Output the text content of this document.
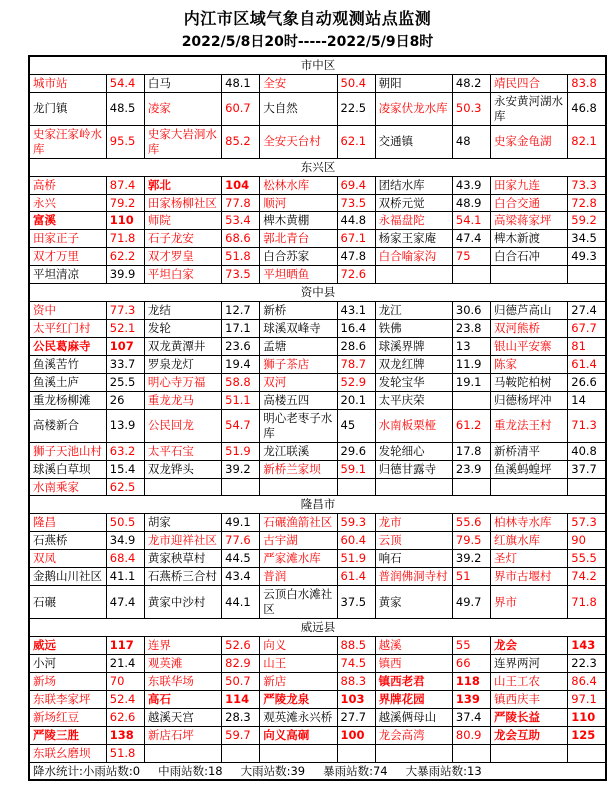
内江市区域气象自动观测站点监测
2022/5/8日20时-----2022/5/9日8时
市中区									
城市站	54.4	白马	48.1	全安	50.4	朝阳	48.2	靖民四合	83.8
龙门镇	48.5	凌家	60.7	大自然	22.5	凌家伏龙水库	50.3	永安黄河湖水库	46.8
史家汪家岭水库	95.5	史家大岩洞水库	85.2	全安天台村	62.1	交通镇	48	史家金龟湖	82.1
东兴区									
高桥	87.4	郭北	104	松林水库	69.4	团结水库	43.9	田家九连	73.3
永兴	79.2	田家杨柳社区	77.8	顺河	73.5	双桥元觉	48.9	白合交通	72.8
富溪	110	师院	53.4	椑木黄棚	44.8	永福盘陀	54.1	高梁蒋家坪	59.2
田家正子	71.8	石子龙安	68.6	郭北青台	67.1	杨家王家庵	47.4	椑木新渡	34.5
双才万里	62.2	双才罗皇	51.8	白合苏家	47.8	白合喻家沟	75	白合石冲	49.3
平坦清凉	39.9	平坦白家	73.5	平坦晒鱼	72.6				
资中县									
资中	77.3	龙结	12.7	新桥	43.1	龙江	30.6	归德芦高山	27.4
太平红门村	52.1	发轮	17.1	球溪双峰寺	16.4	铁佛	23.8	双河熊桥	67.7
公民葛麻寺	107	双龙黄潭井	23.6	孟塘	28.6	球溪界牌	13	银山平安寨	81
鱼溪苦竹	33.7	罗泉龙灯	19.4	狮子茶店	78.7	双龙红牌	11.9	陈家	61.4
鱼溪土庐	25.5	明心寺万福	58.8	双河	52.9	发轮宝华	19.1	马鞍陀柏树	26.6
重龙杨柳滩	26	重龙龙马	51.1	高楼五四	20.1	太平庆荣		归德杨坪冲	14
高楼新合	13.9	公民回龙	54.7	明心老枣子水库	45	水南板栗桠	61.2	重龙法王村	71.3
狮子天池山村	63.2	太平石宝	51.9	龙江联溪	29.6	发轮细心	17.8	新桥清平	40.8
球溪白草坝	15.4	双龙铧头	39.2	新桥兰家坝	59.1	归德甘露寺	23.9	鱼溪蚂蝗坪	37.7
水南乘家	62.5								
隆昌市									
隆昌	50.5	胡家	49.1	石碾渔箭社区	59.3	龙市	55.6	柏林寺水库	57.3
石燕桥	34.9	龙市迎祥社区	77.6	古宇湖	60.4	云顶	79.5	红旗水库	90
双凤	68.4	黄家秧草村	44.5	严家滩水库	51.9	响石	39.2	圣灯	55.5
金鹅山川社区	41.1	石燕桥三合村	43.4	普润	61.4	普润佛洞寺村	51	界市古堰村	74.2
石碾	47.4	黄家中沙村	44.1	云顶白水滩社区	37.5	黄家	49.7	界市	71.8
威远县									
威远	117	连界	52.6	向义	88.5	越溪	55	龙会	143
小河	21.4	观英滩	82.9	山王	74.5	镇西	66	连界两河	22.3
新场	70	东联华场	50.7	新店	88.3	镇西老君	118	山王工农	86.4
东联李家坪	52.4	高石	114	严陵龙泉	103	界牌花园	139	镇西庆丰	97.1
新场红豆	62.6	越溪天宫	28.3	观英滩永兴桥	27.7	越溪俩母山	37.4	严陵长益	110
严陵三胜	138	新店石坪	59.7	向义高硐	100	龙会高湾	80.9	龙会互助	125
东联幺磨坝	51.8								
降水统计:小雨站数:0 中雨站数:18 大雨站数:39 暴雨站数:74 大暴雨站数:13									
